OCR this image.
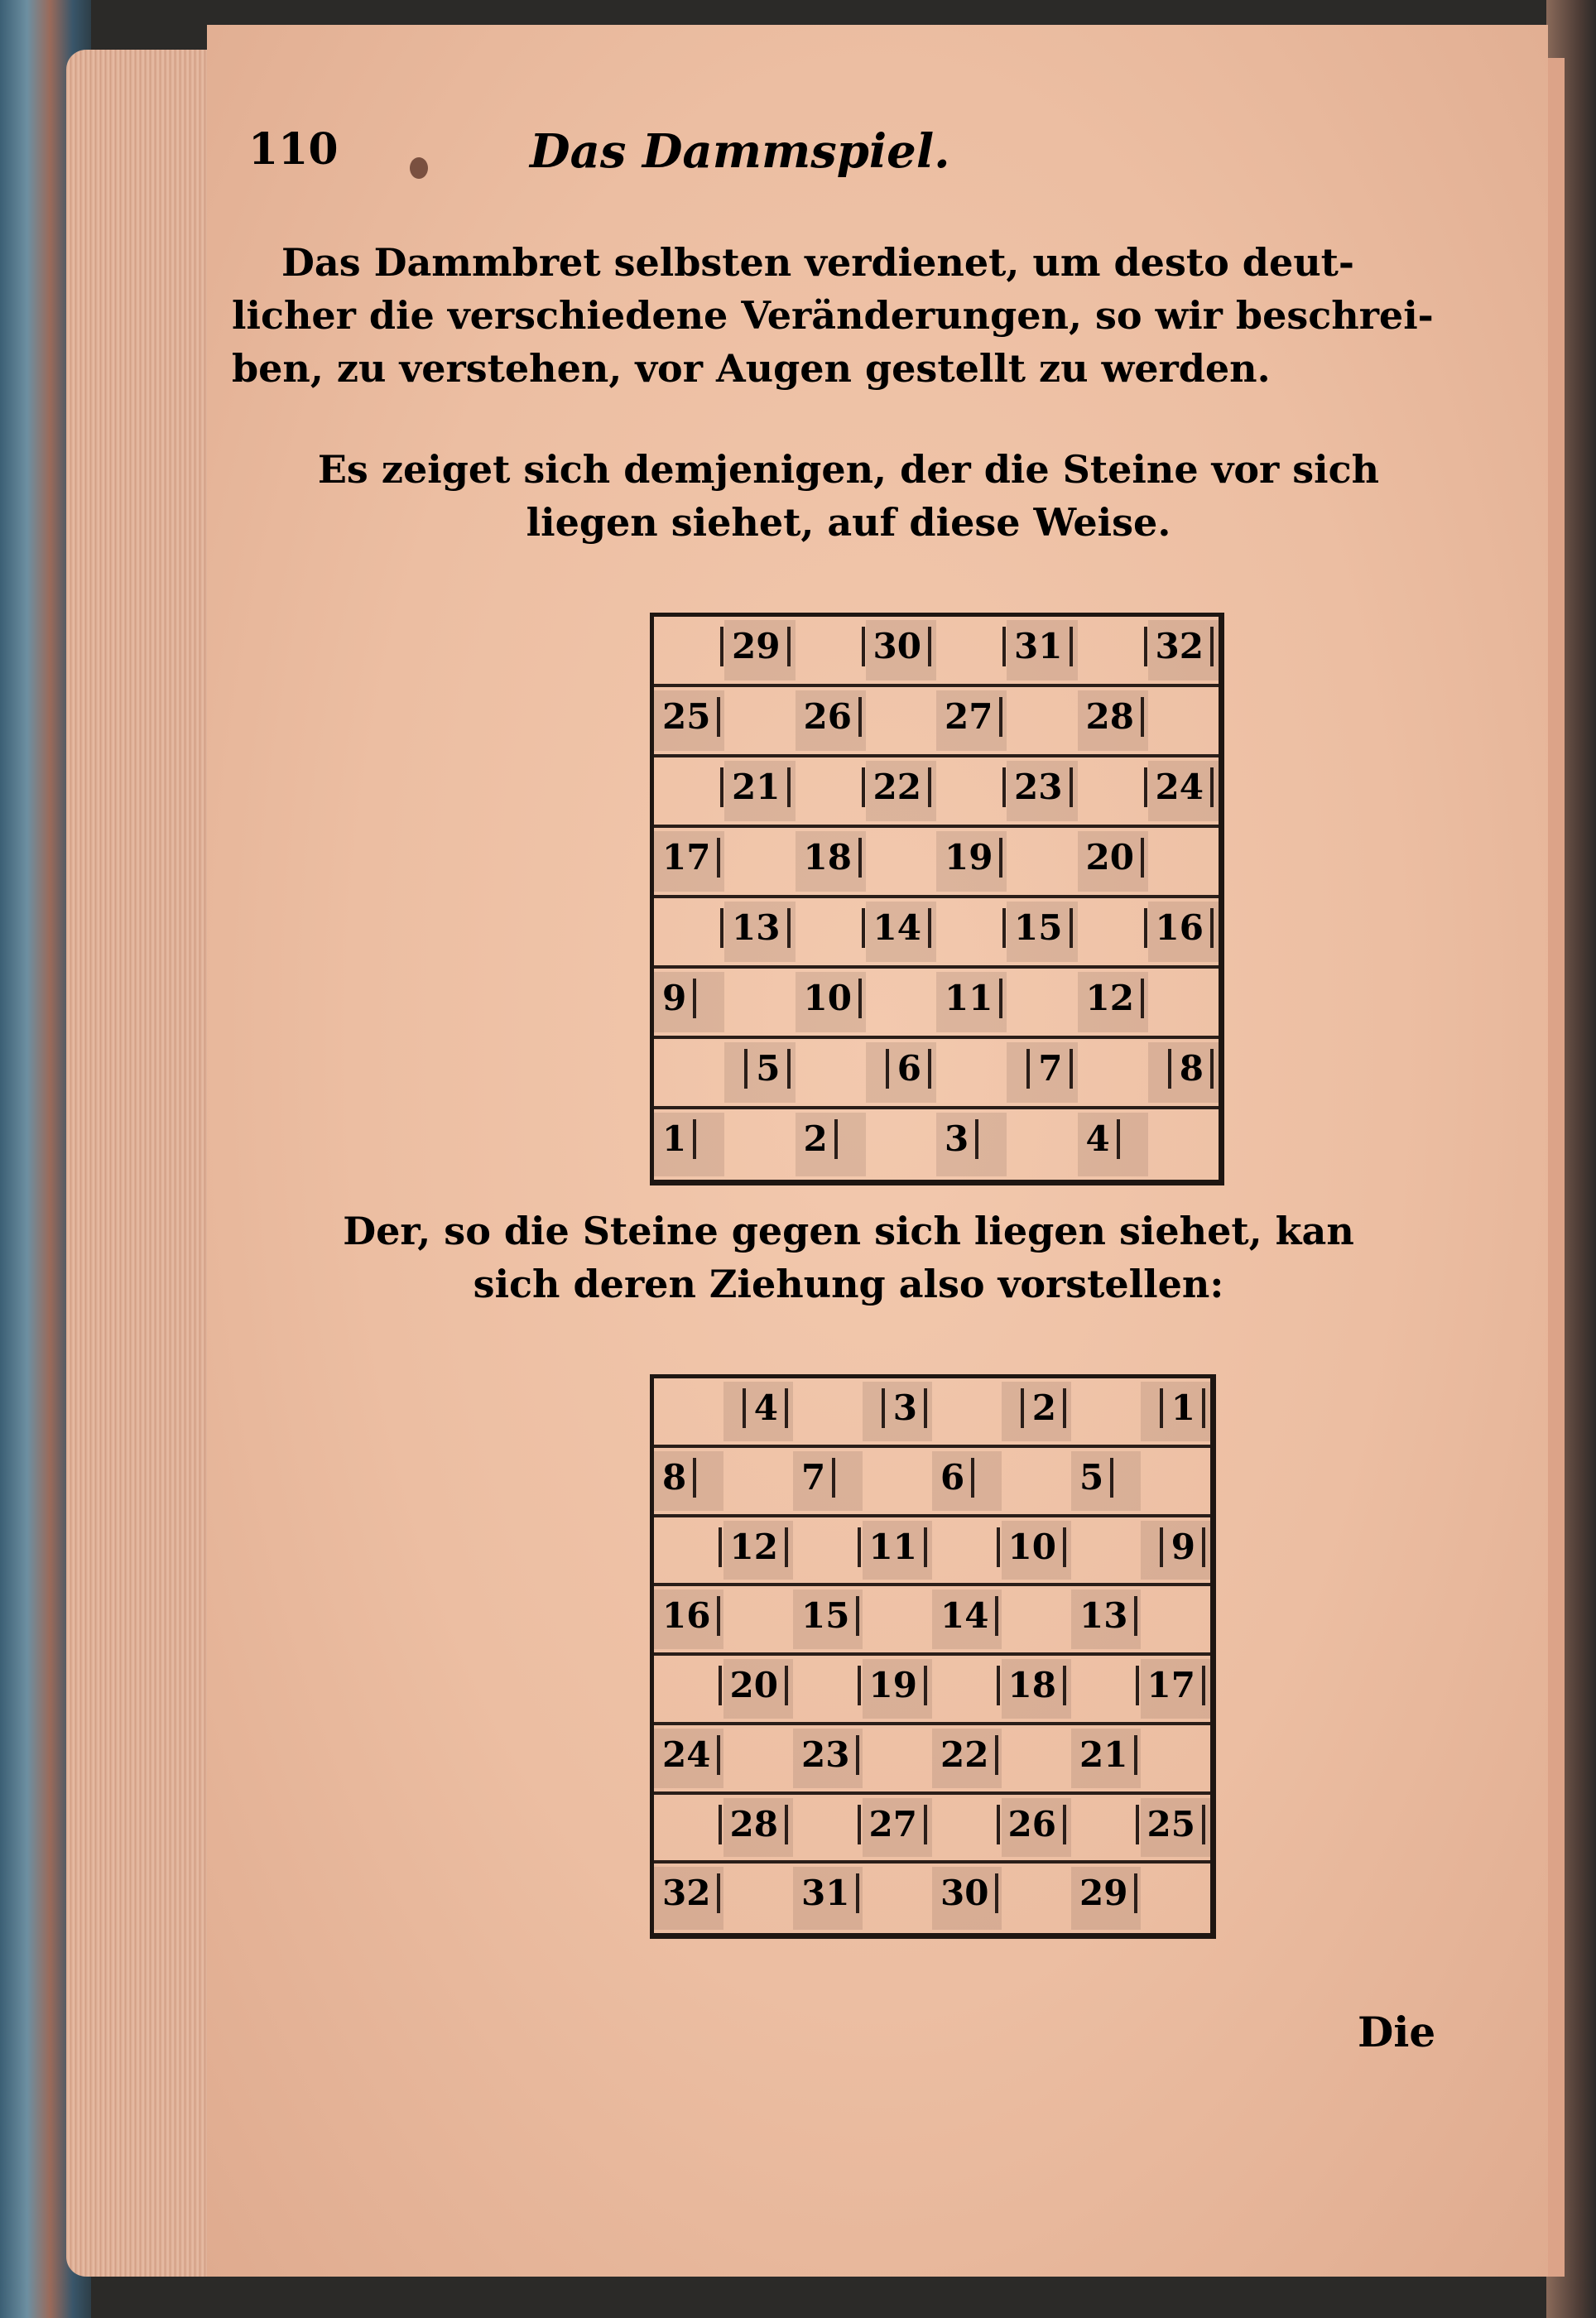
110	Das Dammspiel.
Das Dammbret selbsten verdienet, um desto deut-
licher die verschiedene Veränderungen, so wir beschrei-
ben, zu verstehen, vor Augen gestellt zu werden.
Es zeiget sich demjenigen, der die Steine vor sich
liegen siehet, auf diese Weise.
29	30	31	32
25	26	27	28
21	22	23	24
17	18	19	20
13	14	15	16
9	10	11	12
5	6	7	8
1	2	3	4
Der, so die Steine gegen sich liegen siehet, kan
sich deren Ziehung also vorstellen:
4	3	2	1
8	7	6	5
12	11	10	9
16	15	14	13
20	19	18	17
24	23	22	21
28	27	26	25
32	31	30	29
Die
